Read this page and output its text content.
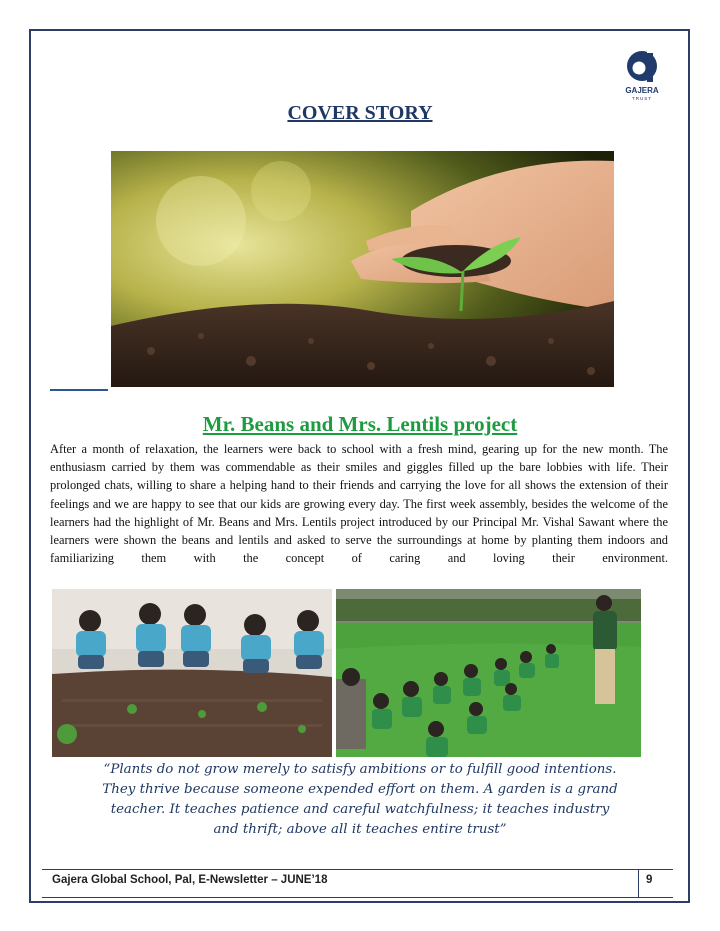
GAJERA
TRUST
COVER STORY
Mr. Beans and Mrs. Lentils project
After a month of relaxation, the learners were back to school with a fresh mind, gearing up for the new month. The enthusiasm carried by them was commendable as their smiles and giggles filled up the bare lobbies with life. Their prolonged chats, willing to share a helping hand to their friends and carrying the love for all shows the extension of their feelings and we are happy to see that our kids are growing every day. The first week assembly, besides the welcome of the learners had the highlight of Mr. Beans and Mrs. Lentils project introduced by our Principal Mr. Vishal Sawant where the learners were shown the beans and lentils and asked to serve the surroundings at home by planting them indoors and familiarizing them with the concept of caring and loving their environment.
“Plants do not grow merely to satisfy ambitions or to fulfill good intentions.
They thrive because someone expended effort on them. A garden is a grand
teacher. It teaches patience and careful watchfulness; it teaches industry
and thrift; above all it teaches entire trust”
Gajera Global School, Pal, E-Newsletter – JUNE’18	9
